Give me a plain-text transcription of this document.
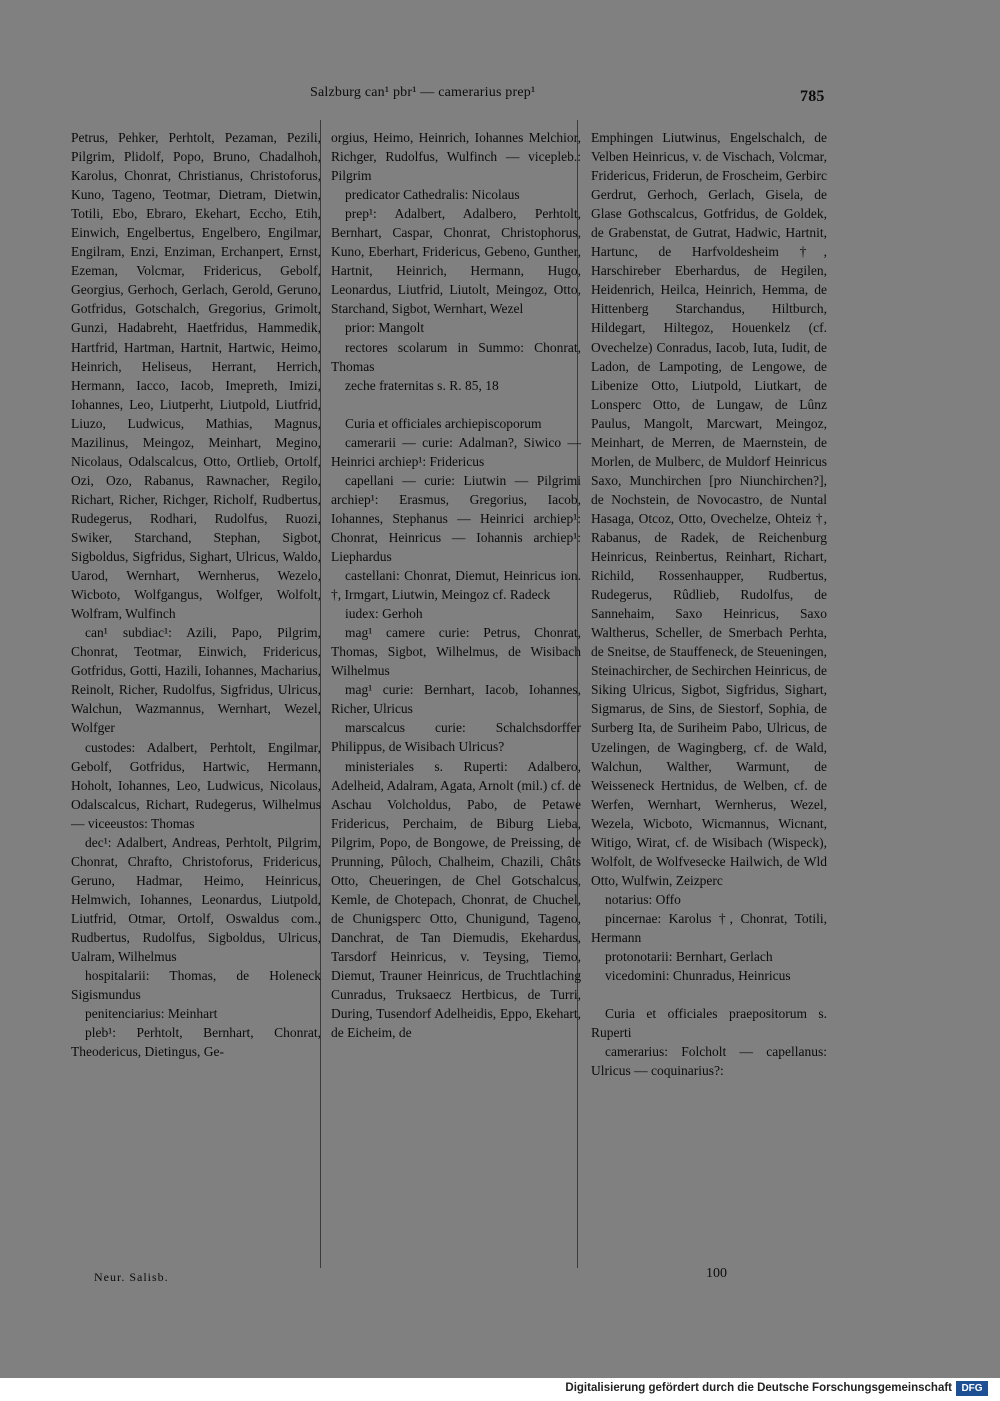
Salzburg can¹ pbr¹ — camerarius prep¹	785

Petrus, Pehker, Perhtolt, Pezaman, Pezili, Pilgrim, Plidolf, Popo, Bruno, Chadalhoh, Karolus, Chonrat, Christianus, Christoforus, Kuno, Tageno, Teotmar, Dietram, Dietwin, Totili, Ebo, Ebraro, Ekehart, Eccho, Etih, Einwich, Engelbertus, Engelbero, Engilmar, Engilram, Enzi, Enziman, Erchanpert, Ernst, Ezeman, Volcmar, Fridericus, Gebolf, Georgius, Gerhoch, Gerlach, Gerold, Geruno, Gotfridus, Gotschalch, Gregorius, Grimolt, Gunzi, Hadabreht, Haetfridus, Hammedik, Hartfrid, Hartman, Hartnit, Hartwic, Heimo, Heinrich, Heliseus, Herrant, Herrich, Hermann, Iacco, Iacob, Imepreth, Imizi, Iohannes, Leo, Liutperht, Liutpold, Liutfrid, Liuzo, Ludwicus, Mathias, Magnus, Mazilinus, Meingoz, Meinhart, Megino, Nicolaus, Odalscalcus, Otto, Ortlieb, Ortolf, Ozi, Ozo, Rabanus, Rawnacher, Regilo, Richart, Richer, Richger, Richolf, Rudbertus, Rudegerus, Rodhari, Rudolfus, Ruozi, Swiker, Starchand, Stephan, Sigbot, Sigboldus, Sigfridus, Sighart, Ulricus, Waldo, Uarod, Wernhart, Wernherus, Wezelo, Wicboto, Wolfgangus, Wolfger, Wolfolt, Wolfram, Wulfinch

can¹ subdiac¹: Azili, Papo, Pilgrim, Chonrat, Teotmar, Einwich, Fridericus, Gotfridus, Gotti, Hazili, Iohannes, Macharius, Reinolt, Richer, Rudolfus, Sigfridus, Ulricus, Walchun, Wazmannus, Wernhart, Wezel, Wolfger

custodes: Adalbert, Perhtolt, Engilmar, Gebolf, Gotfridus, Hartwic, Hermann, Hoholt, Iohannes, Leo, Ludwicus, Nicolaus, Odalscalcus, Richart, Rudegerus, Wilhelmus — viceeustos: Thomas

dec¹: Adalbert, Andreas, Perhtolt, Pilgrim, Chonrat, Chrafto, Christoforus, Fridericus, Geruno, Hadmar, Heimo, Heinricus, Helmwich, Iohannes, Leonardus, Liutpold, Liutfrid, Otmar, Ortolf, Oswaldus com., Rudbertus, Rudolfus, Sigboldus, Ulricus, Ualram, Wilhelmus

hospitalarii: Thomas, de Holeneck Sigismundus

penitenciarius: Meinhart

pleb¹: Perhtolt, Bernhart, Chonrat, Theodericus, Dietingus, Ge-

orgius, Heimo, Heinrich, Iohannes Melchior, Richger, Rudolfus, Wulfinch — vicepleb.: Pilgrim

predicator Cathedralis: Nicolaus

prep¹: Adalbert, Adalbero, Perhtolt, Bernhart, Caspar, Chonrat, Christophorus, Kuno, Eberhart, Fridericus, Gebeno, Gunther, Hartnit, Heinrich, Hermann, Hugo, Leonardus, Liutfrid, Liutolt, Meingoz, Otto, Starchand, Sigbot, Wernhart, Wezel

prior: Mangolt

rectores scolarum in Summo: Chonrat, Thomas

zeche fraternitas s. R. 85, 18

Curia et officiales archiepiscoporum

camerarii — curie: Adalman?, Siwico — Heinrici archiep¹: Fridericus

capellani — curie: Liutwin — Pilgrimi archiep¹: Erasmus, Gregorius, Iacob, Iohannes, Stephanus — Heinrici archiep¹: Chonrat, Heinricus — Iohannis archiep¹: Liephardus

castellani: Chonrat, Diemut, Heinricus ion. †, Irmgart, Liutwin, Meingoz cf. Radeck

iudex: Gerhoh

mag¹ camere curie: Petrus, Chonrat, Thomas, Sigbot, Wilhelmus, de Wisibach Wilhelmus

mag¹ curie: Bernhart, Iacob, Iohannes, Richer, Ulricus

marscalcus curie: Schalchsdorffer Philippus, de Wisibach Ulricus?

ministeriales s. Ruperti: Adalbero, Adelheid, Adalram, Agata, Arnolt (mil.) cf. de Aschau Volcholdus, Pabo, de Petawe Fridericus, Perchaim, de Biburg Lieba, Pilgrim, Popo, de Bongowe, de Preissing, de Prunning, Pûloch, Chalheim, Chazili, Châts Otto, Cheueringen, de Chel Gotschalcus, Kemle, de Chotepach, Chonrat, de Chuchel, de Chunigsperc Otto, Chunigund, Tageno, Danchrat, de Tan Diemudis, Ekehardus, Tarsdorf Heinricus, v. Teysing, Tiemo, Diemut, Trauner Heinricus, de Truchtlaching Cunradus, Truksaecz Hertbicus, de Turri, During, Tusendorf Adelheidis, Eppo, Ekehart, de Eicheim, de

Emphingen Liutwinus, Engelschalch, de Velben Heinricus, v. de Vischach, Volcmar, Fridericus, Friderun, de Froscheim, Gerbirc Gerdrut, Gerhoch, Gerlach, Gisela, de Glase Gothscalcus, Gotfridus, de Goldek, de Grabenstat, de Gutrat, Hadwic, Hartnit, Hartunc, de Harfvoldesheim †, Harschireber Eberhardus, de Hegilen, Heidenrich, Heilca, Heinrich, Hemma, de Hittenberg Starchandus, Hiltburch, Hildegart, Hiltegoz, Houenkelz (cf. Ovechelze) Conradus, Iacob, Iuta, Iudit, de Ladon, de Lampoting, de Lengowe, de Libenize Otto, Liutpold, Liutkart, de Lonsperc Otto, de Lungaw, de Lûnz Paulus, Mangolt, Marcwart, Meingoz, Meinhart, de Merren, de Maernstein, de Morlen, de Mulberc, de Muldorf Heinricus Saxo, Munchirchen [pro Niunchirchen?], de Nochstein, de Novocastro, de Nuntal Hasaga, Otcoz, Otto, Ovechelze, Ohteiz †, Rabanus, de Radek, de Reichenburg Heinricus, Reinbertus, Reinhart, Richart, Richild, Rossenhaupper, Rudbertus, Rudegerus, Rûdlieb, Rudolfus, de Sannehaim, Saxo Heinricus, Saxo Waltherus, Scheller, de Smerbach Perhta, de Sneitse, de Stauffeneck, de Steueningen, Steinachircher, de Sechirchen Heinricus, de Siking Ulricus, Sigbot, Sigfridus, Sighart, Sigmarus, de Sins, de Siestorf, Sophia, de Surberg Ita, de Suriheim Pabo, Ulricus, de Uzelingen, de Wagingberg, cf. de Wald, Walchun, Walther, Warmunt, de Weisseneck Hertnidus, de Welben, cf. de Werfen, Wernhart, Wernherus, Wezel, Wezela, Wicboto, Wicmannus, Wicnant, Witigo, Wirat, cf. de Wisibach (Wispeck), Wolfolt, de Wolfvesecke Hailwich, de Wld Otto, Wulfwin, Zeizperc

notarius: Offo

pincernae: Karolus †, Chonrat, Totili, Hermann

protonotarii: Bernhart, Gerlach

vicedomini: Chunradus, Heinricus

Curia et officiales praepositorum s. Ruperti

camerarius: Folcholt — capellanus: Ulricus — coquinarius?:

Neur. Salisb.	100
Digitalisierung gefördert durch die Deutsche Forschungsgemeinschaft DFG
